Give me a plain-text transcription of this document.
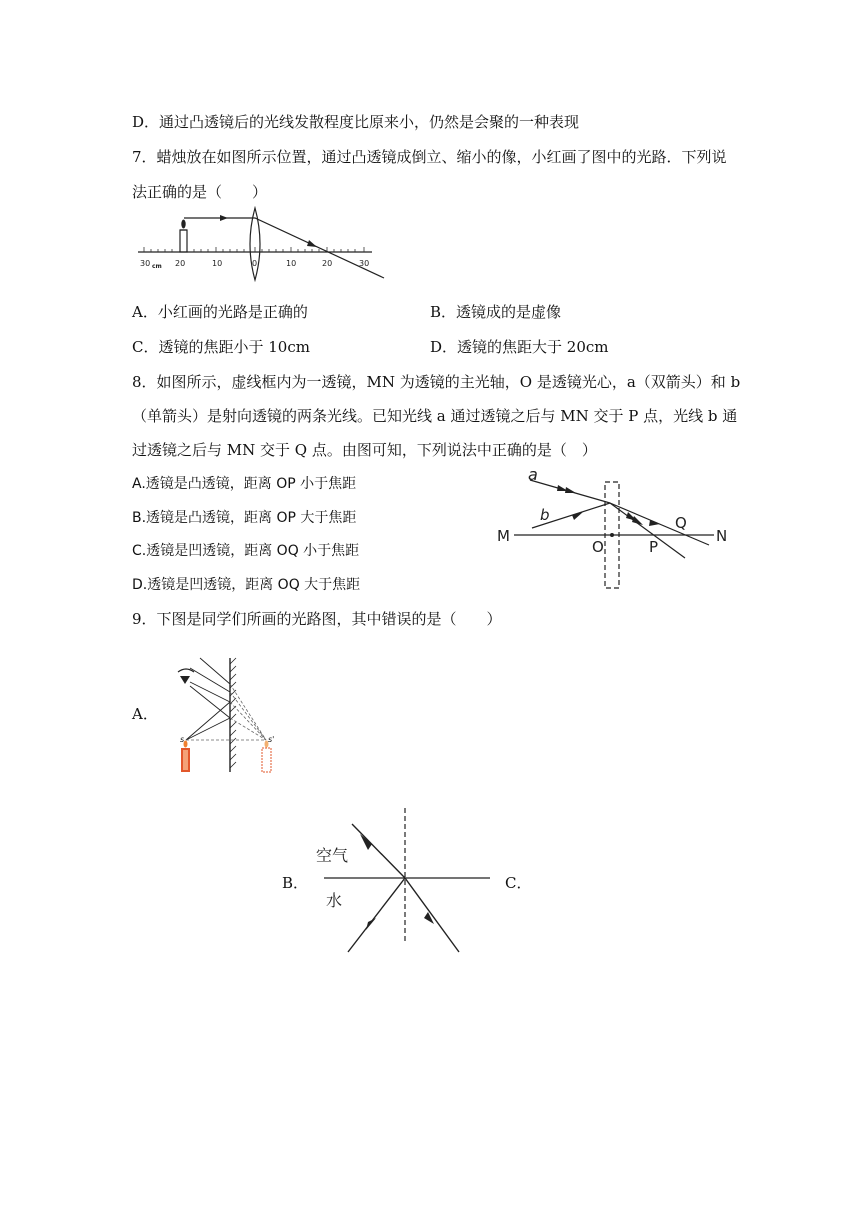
D．通过凸透镜后的光线发散程度比原来小，仍然是会聚的一种表现
7．蜡烛放在如图所示位置，通过凸透镜成倒立、缩小的像，小红画了图中的光路．下列说
法正确的是（　　）
30 cm 20	10	0	10	20	30
A．小红画的光路是正确的	B．透镜成的是虚像
C．透镜的焦距小于 10cm	D．透镜的焦距大于 20cm
8．如图所示，虚线框内为一透镜，MN 为透镜的主光轴，O 是透镜光心，a（双箭头）和 b
（单箭头）是射向透镜的两条光线。已知光线 a 通过透镜之后与 MN 交于 P 点，光线 b 通
过透镜之后与 MN 交于 Q 点。由图可知，下列说法中正确的是（　）
A.透镜是凸透镜，距离 OP 小于焦距
B.透镜是凸透镜，距离 OP 大于焦距
C.透镜是凹透镜，距离 OQ 小于焦距
D.透镜是凹透镜，距离 OQ 大于焦距
a
b
M
O	P
Q
N
9．下图是同学们所画的光路图，其中错误的是（　　）
A．
s	s'
B．
空气
水
C．
